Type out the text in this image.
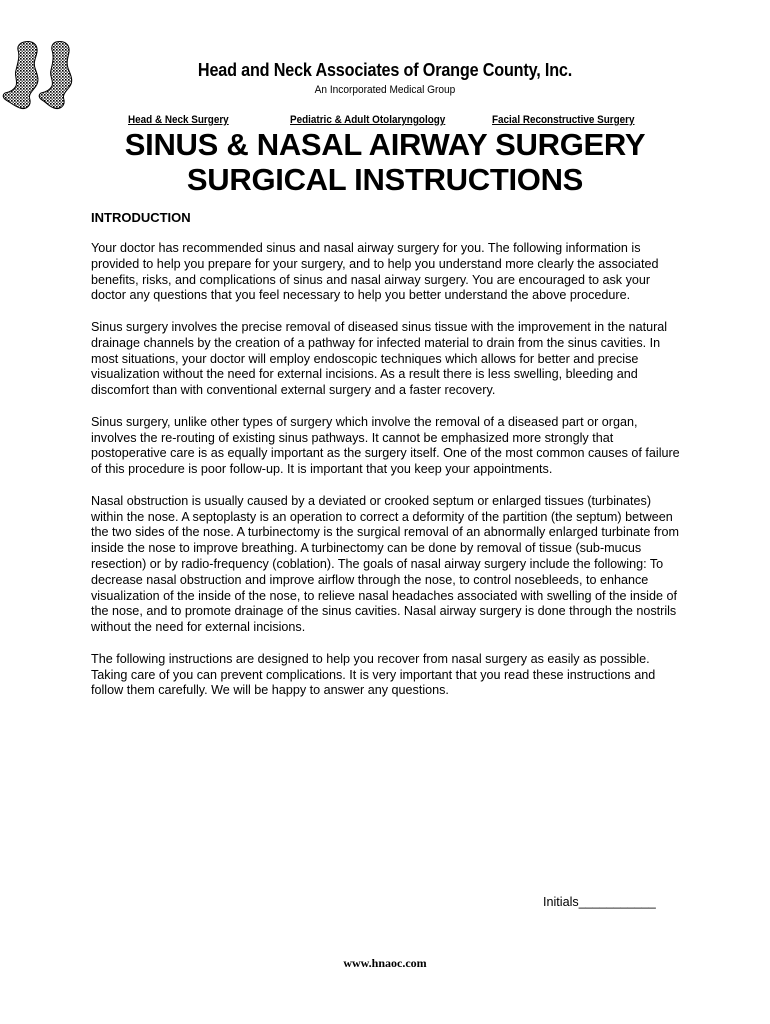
Head and Neck Associates of Orange County, Inc.
An Incorporated Medical Group
Head & Neck Surgery	Pediatric & Adult Otolaryngology	Facial Reconstructive Surgery
SINUS & NASAL AIRWAY SURGERY
SURGICAL INSTRUCTIONS
INTRODUCTION

Your doctor has recommended sinus and nasal airway surgery for you. The following information is provided to help you prepare for your surgery, and to help you understand more clearly the associated benefits, risks, and complications of sinus and nasal airway surgery. You are encouraged to ask your doctor any questions that you feel necessary to help you better understand the above procedure.

Sinus surgery involves the precise removal of diseased sinus tissue with the improvement in the natural drainage channels by the creation of a pathway for infected material to drain from the sinus cavities. In most situations, your doctor will employ endoscopic techniques which allows for better and precise visualization without the need for external incisions. As a result there is less swelling, bleeding and discomfort than with conventional external surgery and a faster recovery.

Sinus surgery, unlike other types of surgery which involve the removal of a diseased part or organ, involves the re-routing of existing sinus pathways. It cannot be emphasized more strongly that postoperative care is as equally important as the surgery itself. One of the most common causes of failure of this procedure is poor follow-up. It is important that you keep your appointments.

Nasal obstruction is usually caused by a deviated or crooked septum or enlarged tissues (turbinates) within the nose. A septoplasty is an operation to correct a deformity of the partition (the septum) between the two sides of the nose. A turbinectomy is the surgical removal of an abnormally enlarged turbinate from inside the nose to improve breathing. A turbinectomy can be done by removal of tissue (sub-mucus resection) or by radio-frequency (coblation). The goals of nasal airway surgery include the following: To decrease nasal obstruction and improve airflow through the nose, to control nosebleeds, to enhance visualization of the inside of the nose, to relieve nasal headaches associated with swelling of the inside of the nose, and to promote drainage of the sinus cavities. Nasal airway surgery is done through the nostrils without the need for external incisions.

The following instructions are designed to help you recover from nasal surgery as easily as possible. Taking care of you can prevent complications. It is very important that you read these instructions and follow them carefully. We will be happy to answer any questions.

Initials___________
www.hnaoc.com
